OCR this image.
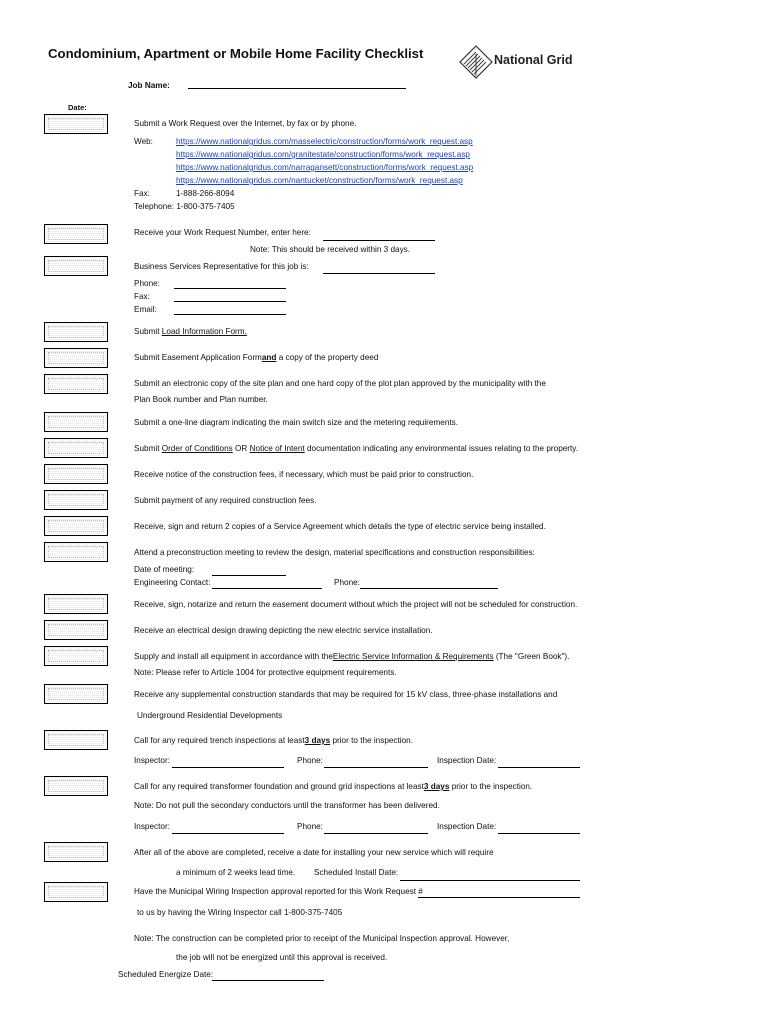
Condominium, Apartment or Mobile Home Facility Checklist	National Grid
Job Name:
Date:
Submit a Work Request over the Internet, by fax or by phone.
Web:	https://www.nationalgridus.com/masselectric/construction/forms/work_request.asp
https://www.nationalgridus.com/granitestate/construction/forms/work_request.asp
https://www.nationalgridus.com/narragansett/construction/forms/work_request.asp
https://www.nationalgridus.com/nantucket/construction/forms/work_request.asp
Fax:	1-888-266-8094
Telephone: 1-800-375-7405
Receive your Work Request Number, enter here:
Note: This should be received within 3 days.
Business Services Representative for this job is:
Phone:
Fax:
Email:
Submit Load Information Form.
Submit Easement Application Formand a copy of the property deed
Submit an electronic copy of the site plan and one hard copy of the plot plan approved by the municipality with the
Plan Book number and Plan number.
Submit a one-line diagram indicating the main switch size and the metering requirements.
Submit Order of Conditions OR Notice of Intent documentation indicating any environmental issues relating to the property.
Receive notice of the construction fees, if necessary, which must be paid prior to construction.
Submit payment of any required construction fees.
Receive, sign and return 2 copies of a Service Agreement which details the type of electric service being installed.
Attend a preconstruction meeting to review the design, material specifications and construction responsibilities:
Date of meeting:
Engineering Contact:	Phone:
Receive, sign, notarize and return the easement document without which the project will not be scheduled for construction.
Receive an electrical design drawing depicting the new electric service installation.
Supply and install all equipment in accordance with theElectric Service Information & Requirements (The "Green Book").
Note: Please refer to Article 1004 for protective equipment requirements.
Receive any supplemental construction standards that may be required for 15 kV class, three-phase installations and
Underground Residential Developments
Call for any required trench inspections at least3 days prior to the inspection.
Inspector:	Phone:	Inspection Date:
Call for any required transformer foundation and ground grid inspections at least3 days prior to the inspection.
Note: Do not pull the secondary conductors until the transformer has been delivered.
Inspector:	Phone:	Inspection Date:
After all of the above are completed, receive a date for installing your new service which will require
a minimum of 2 weeks lead time. Scheduled Install Date:
Have the Municipal Wiring Inspection approval reported for this Work Request #
to us by having the Wiring Inspector call 1-800-375-7405
Note: The construction can be completed prior to receipt of the Municipal Inspection approval. However,
the job will not be energized until this approval is received.
Scheduled Energize Date:
